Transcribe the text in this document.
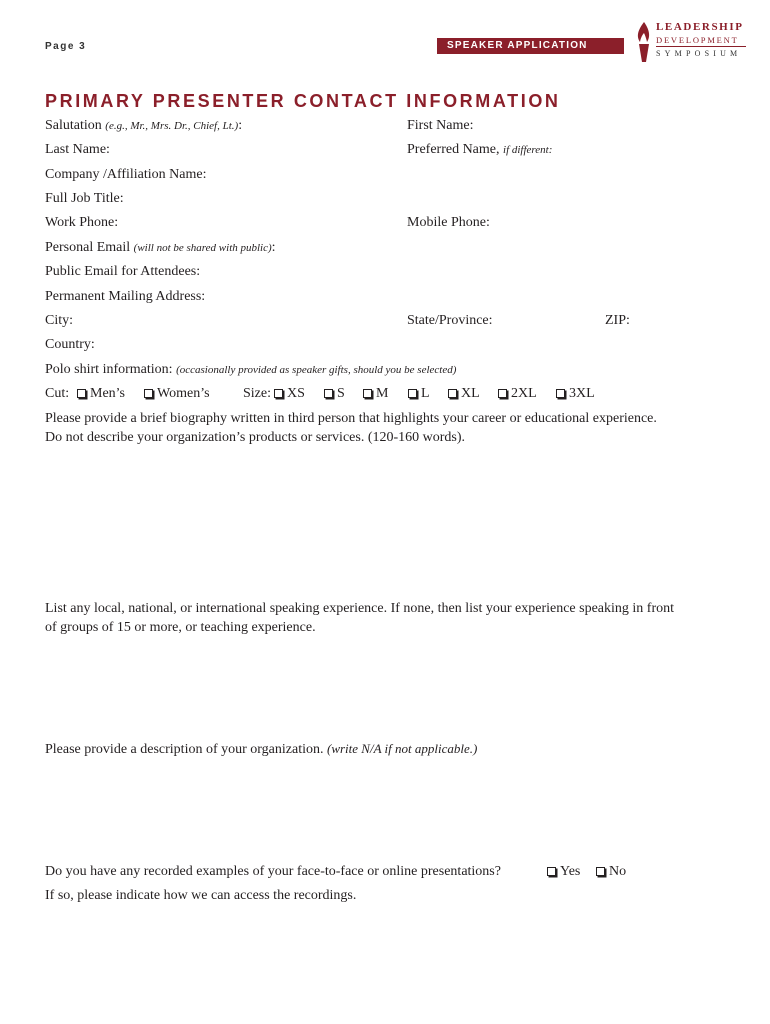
Page 3	SPEAKER APPLICATION
LEADERSHIP
DEVELOPMENT
SYMPOSIUM
PRIMARY PRESENTER CONTACT INFORMATION
Salutation (e.g., Mr., Mrs. Dr., Chief, Lt.):	First Name:
Last Name:	Preferred Name, if different:
Company /Affiliation Name:
Full Job Title:
Work Phone:	Mobile Phone:
Personal Email (will not be shared with public):
Public Email for Attendees:
Permanent Mailing Address:
City:	State/Province:	ZIP:
Country:
Polo shirt information: (occasionally provided as speaker gifts, should you be selected)
Cut:	Men’s	Women’s Size:	XS	S	M	L	XL	2XL	3XL
Please provide a brief biography written in third person that highlights your career or educational experience.
Do not describe your organization’s products or services. (120-160 words).
List any local, national, or international speaking experience. If none, then list your experience speaking in front
of groups of 15 or more, or teaching experience.
Please provide a description of your organization. (write N/A if not applicable.)
Do you have any recorded examples of your face-to-face or online presentations?	Yes	No
If so, please indicate how we can access the recordings.
